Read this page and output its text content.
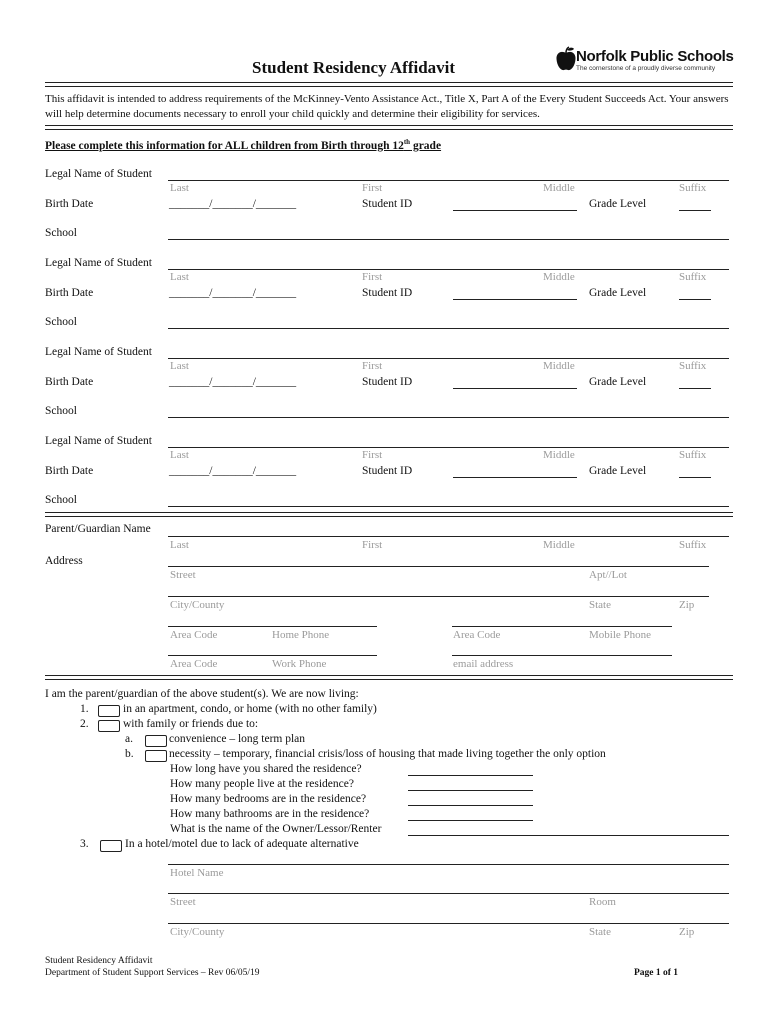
Student Residency Affidavit
Norfolk Public Schools
The cornerstone of a proudly diverse community
This affidavit is intended to address requirements of the McKinney-Vento Assistance Act., Title X, Part A of the Every Student Succeeds Act. Your answers will help determine documents necessary to enroll your child quickly and determine their eligibility for services.
Please complete this information for ALL children from Birth through 12th grade
Legal Name of Student
Last	First	Middle	Suffix
Birth Date	_______/_______/_______	Student ID	Grade Level
School
Legal Name of Student
Last	First	Middle	Suffix
Birth Date	_______/_______/_______	Student ID	Grade Level
School
Legal Name of Student
Last	First	Middle	Suffix
Birth Date	_______/_______/_______	Student ID	Grade Level
School
Legal Name of Student
Last	First	Middle	Suffix
Birth Date	_______/_______/_______	Student ID	Grade Level
School
Parent/Guardian Name
Last	First	Middle	Suffix
Address
Street	Apt//Lot
City/County	State	Zip
Area Code	Home Phone	Area Code	Mobile Phone
Area Code	Work Phone	email address
I am the parent/guardian of the above student(s). We are now living:
1.	in an apartment, condo, or home (with no other family)
2.	with family or friends due to:
a.	convenience – long term plan
b.	necessity – temporary, financial crisis/loss of housing that made living together the only option
How long have you shared the residence?
How many people live at the residence?
How many bedrooms are in the residence?
How many bathrooms are in the residence?
What is the name of the Owner/Lessor/Renter
3.	In a hotel/motel due to lack of adequate alternative
Hotel Name
Street	Room
City/County	State	Zip
Student Residency Affidavit
Department of Student Support Services – Rev 06/05/19	Page 1 of 1
